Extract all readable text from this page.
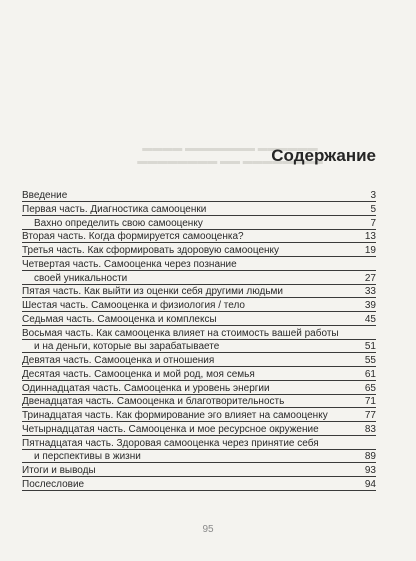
▬▬▬▬ ▬▬▬▬▬▬▬ ▬▬▬▬▬▬
▬▬▬▬▬▬▬▬ ▬▬ ▬▬▬▬▬▬▬▬
Содержание
Введение	3
Первая часть. Диагностика самооценки	5
Вахно определить свою самооценку	7
Вторая часть. Когда формируется самооценка?	13
Третья часть. Как сформировать здоровую самооценку	19
Четвертая часть. Самооценка через познание
своей уникальности	27
Пятая часть. Как выйти из оценки себя другими людьми	33
Шестая часть. Самооценка и физиология / тело	39
Седьмая часть. Самооценка и комплексы	45
Восьмая часть. Как самооценка влияет на стоимость вашей работы
и на деньги, которые вы зарабатываете	51
Девятая часть. Самооценка и отношения	55
Десятая часть. Самооценка и мой род, моя семья	61
Одиннадцатая часть. Самооценка и уровень энергии	65
Двенадцатая часть. Самооценка и благотворительность	71
Тринадцатая часть. Как формирование эго влияет на самооценку	77
Четырнадцатая часть. Самооценка и мое ресурсное окружение	83
Пятнадцатая часть. Здоровая самооценка через принятие себя
и перспективы в жизни	89
Итоги и выводы	93
Послесловие	94
95
